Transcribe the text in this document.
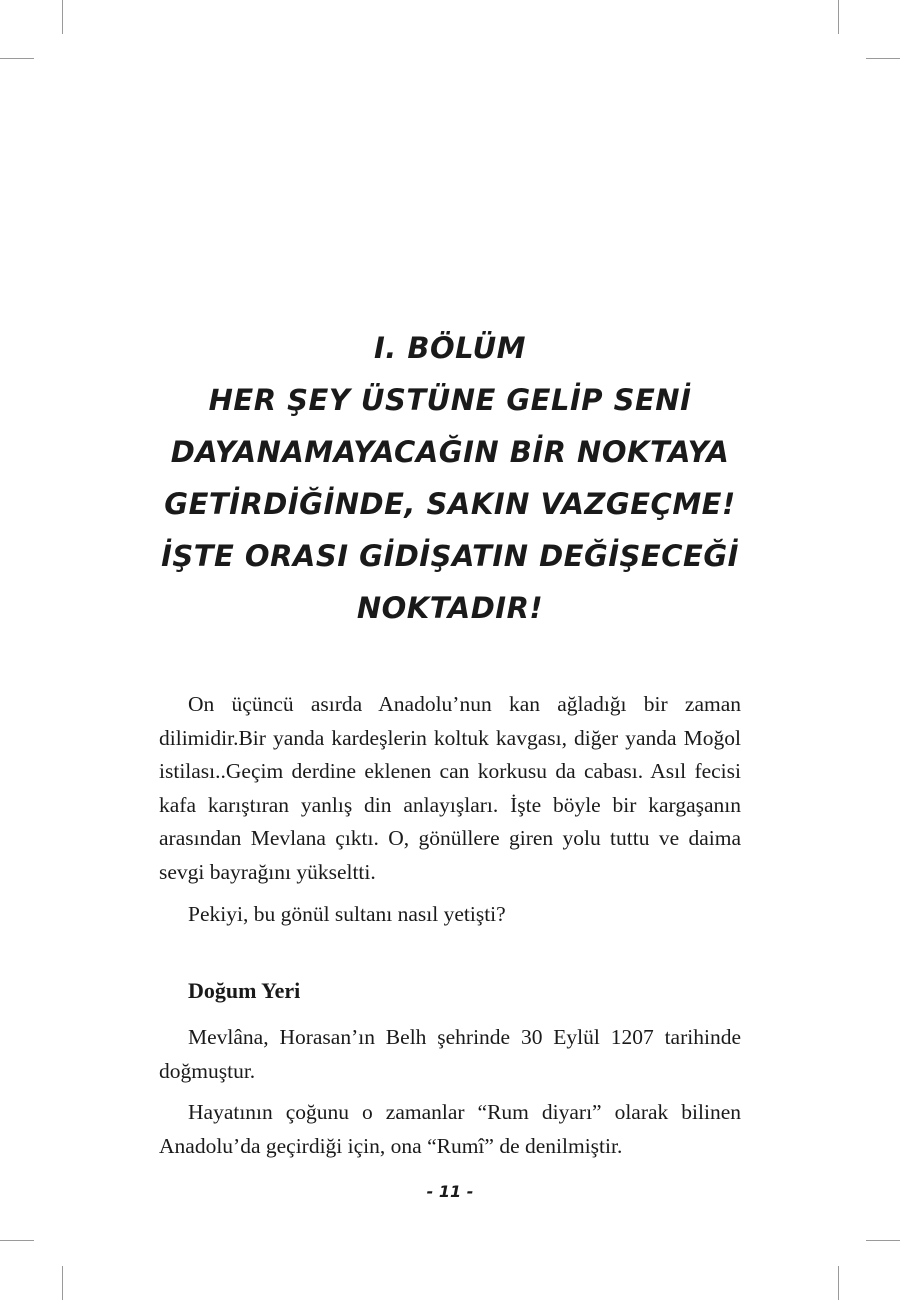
I. BÖLÜM
HER ŞEY ÜSTÜNE GELİP SENİ
DAYANAMAYACAĞIN BİR NOKTAYA
GETİRDİĞİNDE, SAKIN VAZGEÇME!
İŞTE ORASI GİDİŞATIN DEĞİŞECEĞİ
NOKTADIR!

On üçüncü asırda Anadolu’nun kan ağladığı bir zaman dilimidir.Bir yanda kardeşlerin koltuk kavgası, diğer yanda Moğol istilası..Geçim derdine eklenen can korkusu da cabası. Asıl fecisi kafa karıştıran yanlış din anlayışları. İşte böyle bir kargaşanın arasından Mevlana çıktı. O, gönüllere giren yolu tuttu ve daima sevgi bayrağını yükseltti.

Pekiyi, bu gönül sultanı nasıl yetişti?

Doğum Yeri

Mevlâna, Horasan’ın Belh şehrinde 30 Eylül 1207 tarihinde doğmuştur.

Hayatının çoğunu o zamanlar “Rum diyarı” olarak bilinen Anadolu’da geçirdiği için, ona “Rumî” de denilmiştir.

- 11 -
